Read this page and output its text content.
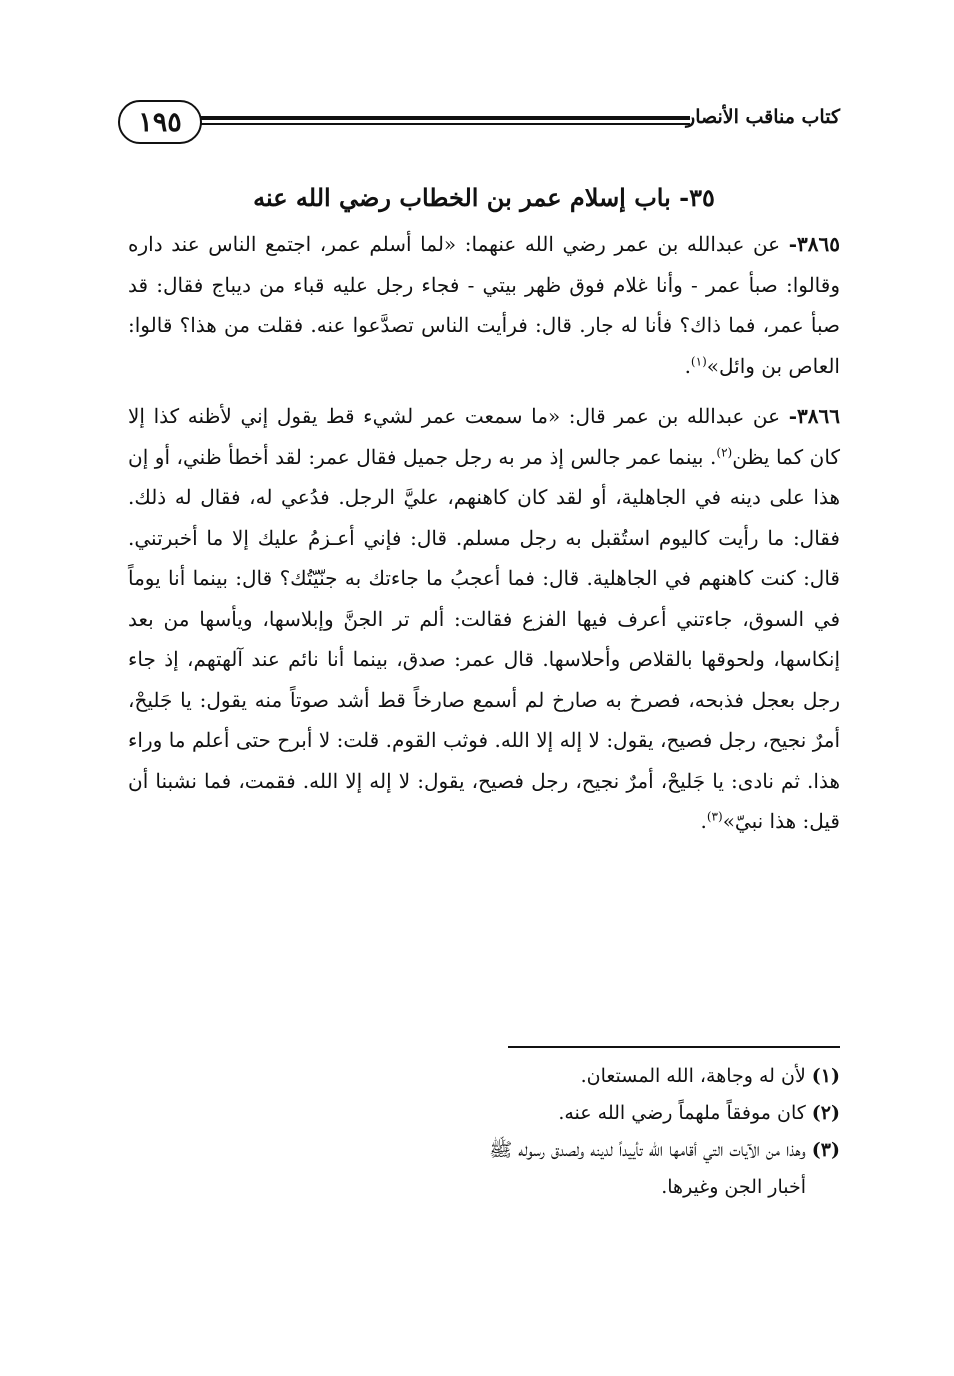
١٩٥	كتاب مناقب الأنصار
٣٥- باب إسلام عمر بن الخطاب رضي الله عنه

٣٨٦٥- عن عبدالله بن عمر رضي الله عنهما: «لما أسلم عمر، اجتمع الناس عند داره وقالوا: صبأ عمر - وأنا غلام فوق ظهر بيتي - فجاء رجل عليه قباء من ديباج فقال: قد صبأ عمر، فما ذاك؟ فأنا له جار. قال: فرأيت الناس تصدَّعوا عنه. فقلت من هذا؟ قالوا: العاص بن وائل»$^{(١)}$.

٣٨٦٦- عن عبدالله بن عمر قال: «ما سمعت عمر لشيء قط يقول إني لأظنه كذا إلا كان كما يظن$^{(٢)}$. بينما عمر جالس إذ مر به رجل جميل فقال عمر: لقد أخطأ ظني، أو إن هذا على دينه في الجاهلية، أو لقد كان كاهنهم، عليَّ الرجل. فدُعي له، فقال له ذلك. فقال: ما رأيت كاليوم استُقبل به رجل مسلم. قال: فإني أعـزمُ عليك إلا ما أخبرتني. قال: كنت كاهنهم في الجاهلية. قال: فما أعجبُ ما جاءتك به جنّيّتُك؟ قال: بينما أنا يوماً في السوق، جاءتني أعرف فيها الفزع فقالت: ألم تر الجنَّ وإبلاسها، ويأسها من بعد إنكاسها، ولحوقها بالقلاص وأحلاسها. قال عمر: صدق، بينما أنا نائم عند آلهتهم، إذ جاء رجل بعجل فذبحه، فصرخ به صارخ لم أسمع صارخاً قط أشد صوتاً منه يقول: يا جَليحْ، أمرٌ نجيح، رجل فصيح، يقول: لا إله إلا الله. فوثب القوم. قلت: لا أبرح حتى أعلم ما وراء هذا. ثم نادى: يا جَليحْ، أمرٌ نجيح، رجل فصيح، يقول: لا إله إلا الله. فقمت، فما نشبنا أن قيل: هذا نبيّ»$^{(٣)}$.

(١)لأن له وجاهة، الله المستعان.

(٢)كان موفقاً ملهماً رضي الله عنه.

(٣)وهذا من الآيات التي أقامها الله تأييداً لدينه ولصدق رسوله ﷺ
أخبار الجن وغيرها.
